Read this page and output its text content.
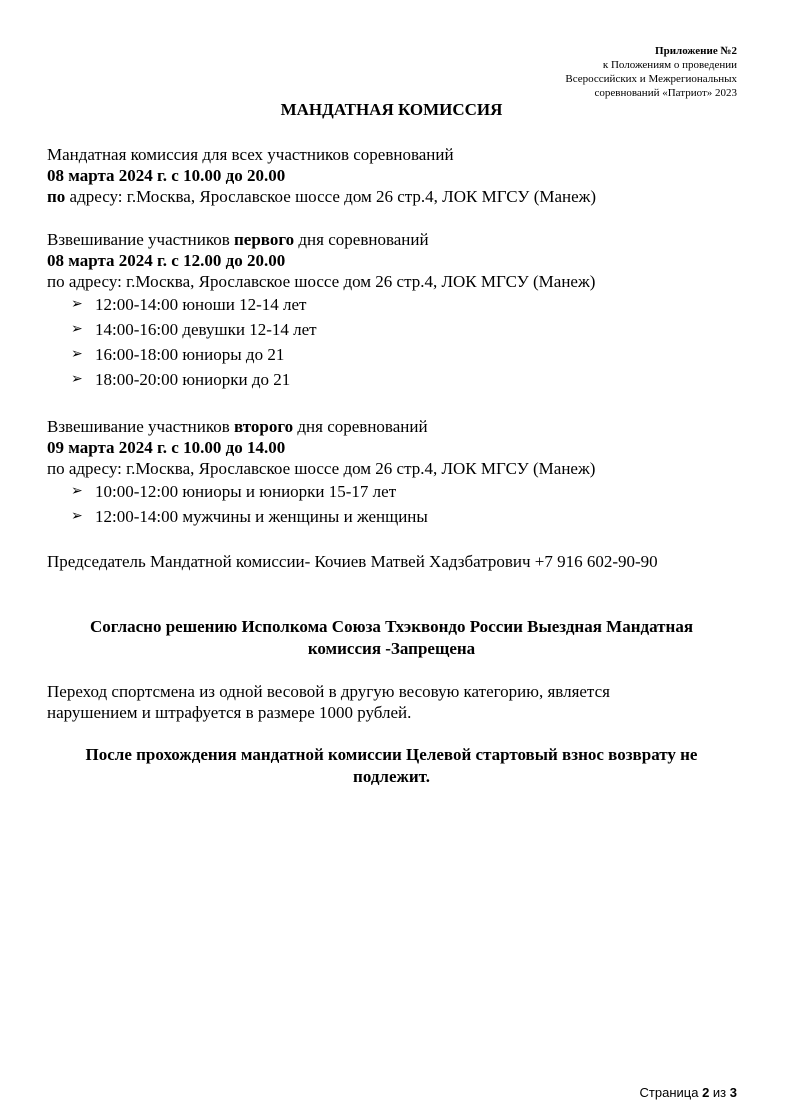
Приложение №2
к Положениям о проведении
Всероссийских и Межрегиональных
соревнований «Патриот» 2023
МАНДАТНАЯ КОМИССИЯ

Мандатная комиссия для всех участников соревнований

08 марта 2024 г. с 10.00 до 20.00

по адресу: г.Москва, Ярославское шоссе дом 26 стр.4, ЛОК МГСУ (Манеж)

Взвешивание участников первого дня соревнований

08 марта 2024 г. с 12.00 до 20.00

по адресу: г.Москва, Ярославское шоссе дом 26 стр.4, ЛОК МГСУ (Манеж)

➢ 12:00-14:00 юноши 12-14 лет
➢ 14:00-16:00 девушки 12-14 лет
➢ 16:00-18:00 юниоры до 21
➢ 18:00-20:00 юниорки до 21

Взвешивание участников второго дня соревнований

09 марта 2024 г. с 10.00 до 14.00

по адресу: г.Москва, Ярославское шоссе дом 26 стр.4, ЛОК МГСУ (Манеж)

➢ 10:00-12:00 юниоры и юниорки 15-17 лет
➢ 12:00-14:00 мужчины и женщины и женщины
Председатель Мандатной комиссии- Кочиев Матвей Хадзбатрович +7 916 602-90-90
Согласно решению Исполкома Союза Тхэквондо России Выездная Мандатная
комиссия -Запрещена
Переход спортсмена из одной весовой в другую весовую категорию, является
нарушением и штрафуется в размере 1000 рублей.
После прохождения мандатной комиссии Целевой стартовый взнос возврату не
подлежит.
Страница 2 из 3
